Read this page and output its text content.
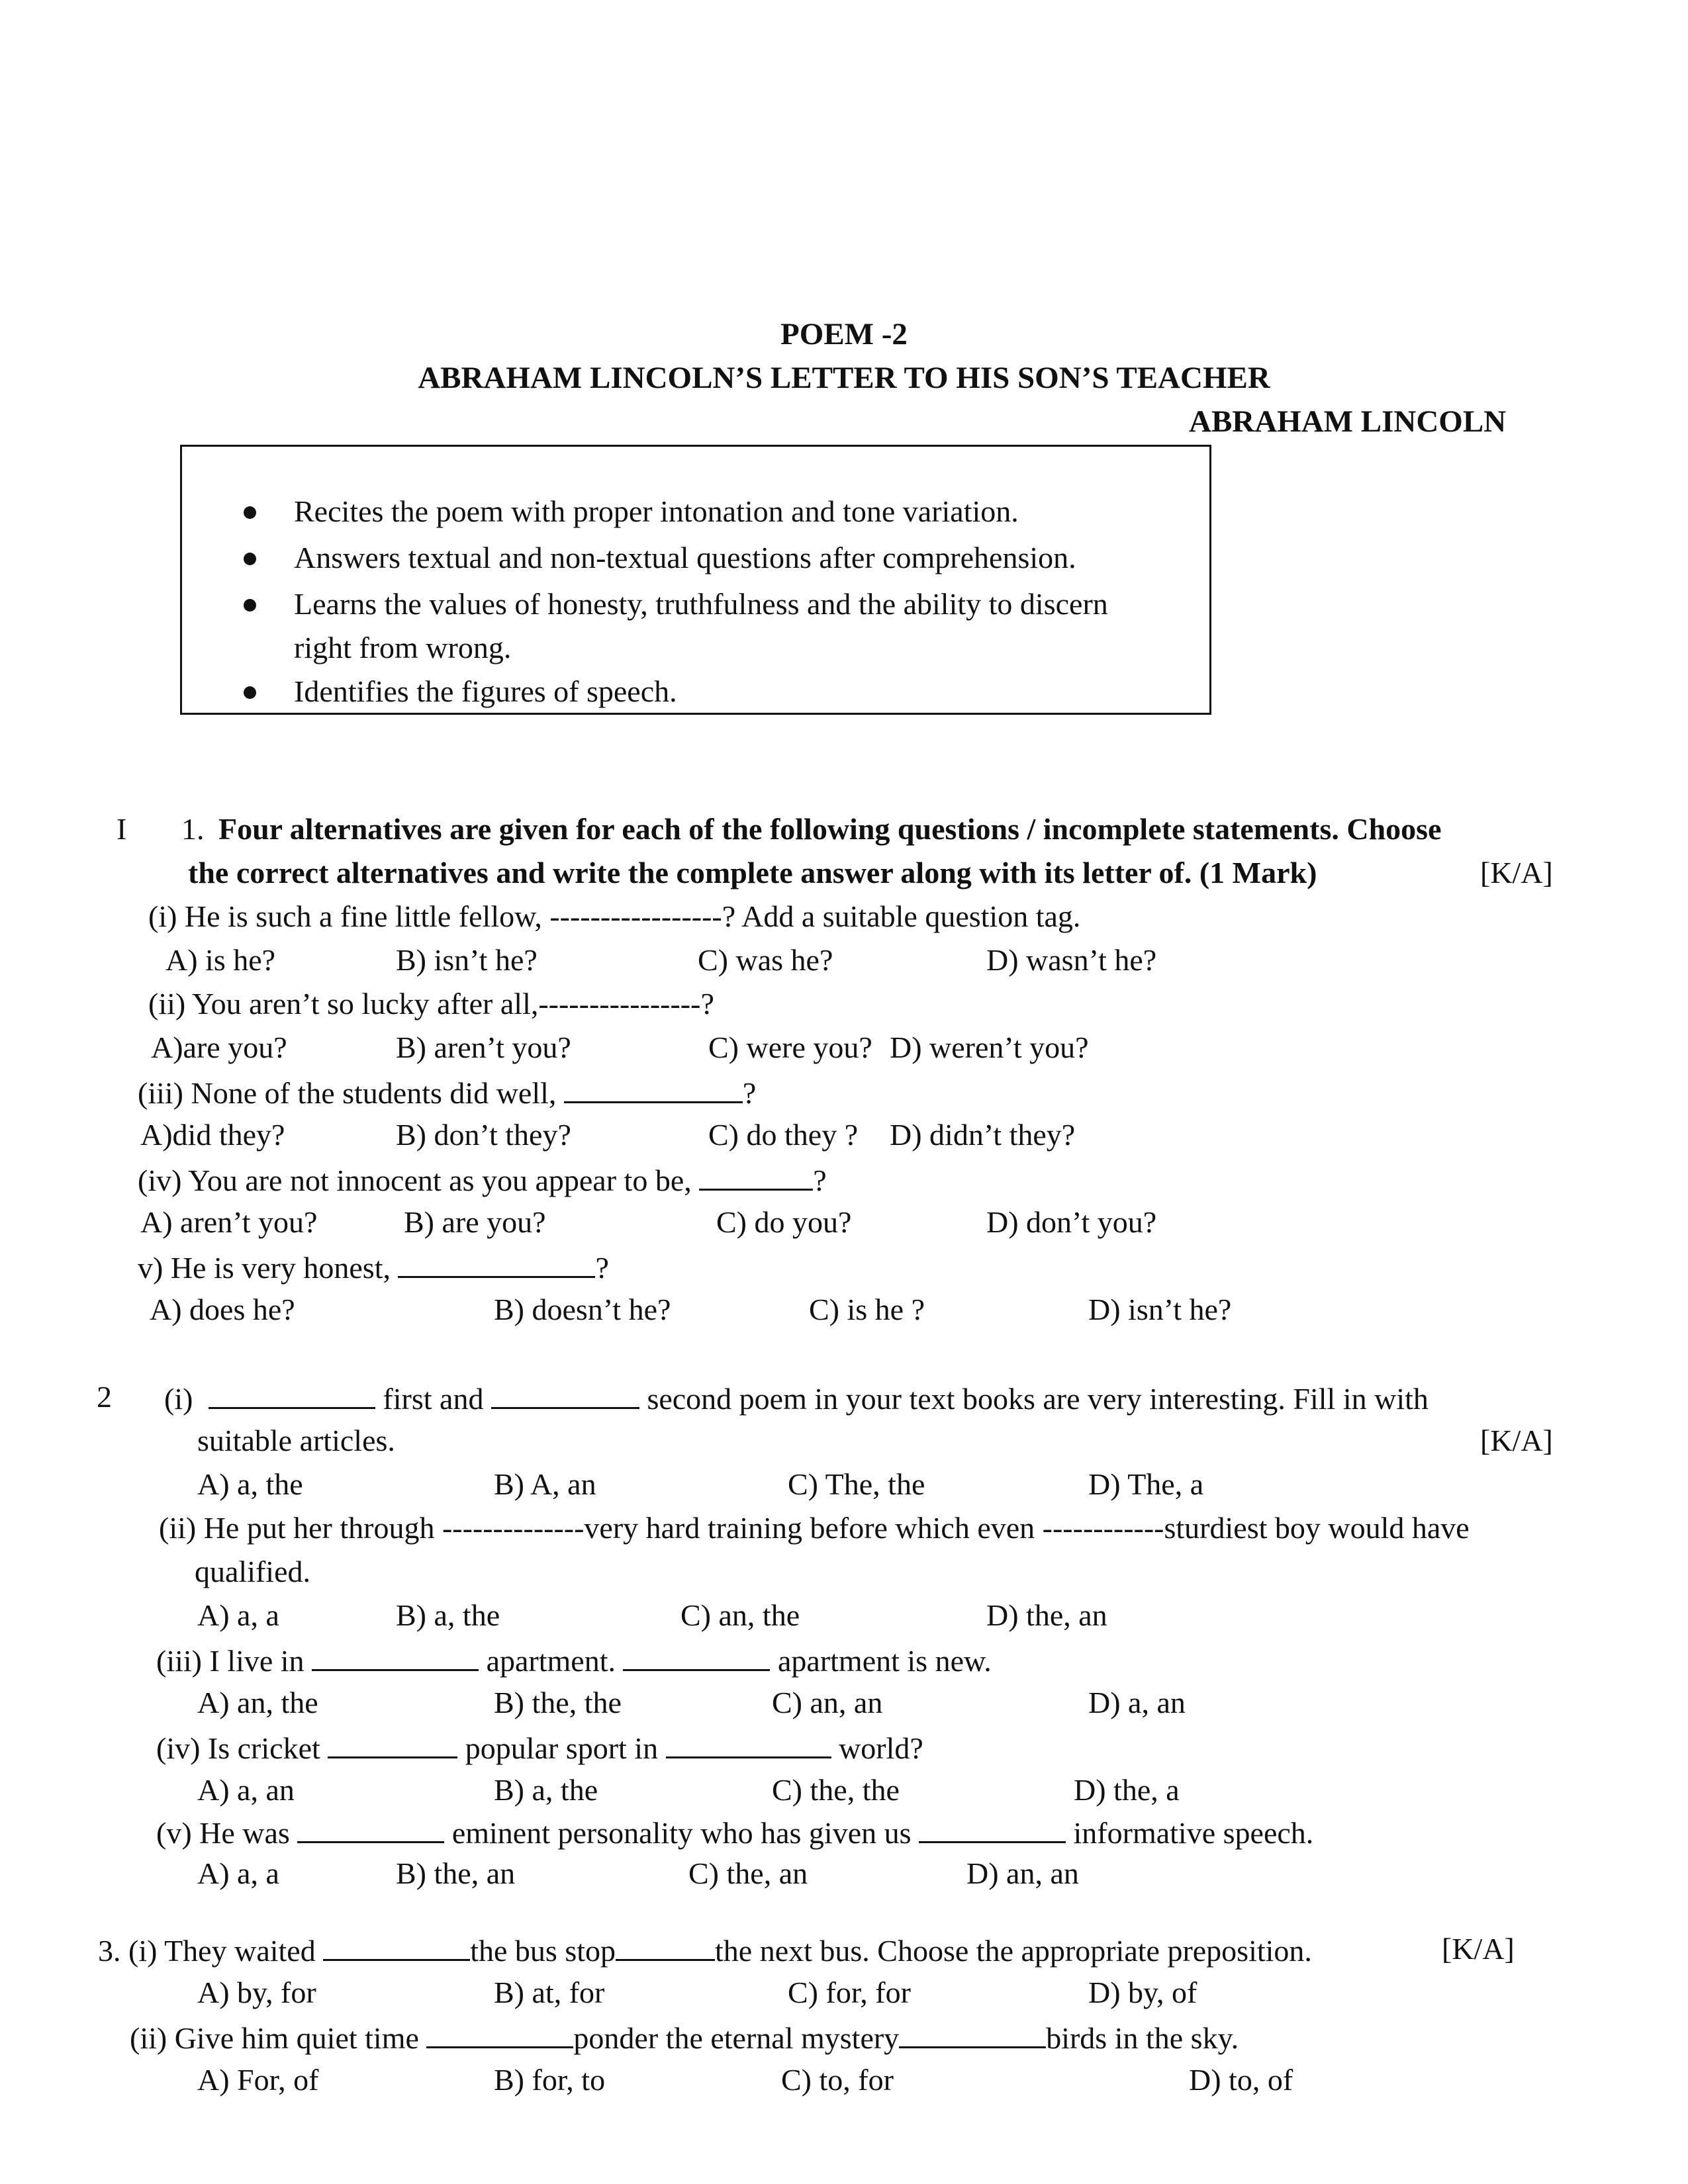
POEM -2
ABRAHAM LINCOLN’S LETTER TO HIS SON’S TEACHER
ABRAHAM LINCOLN
Recites the poem with proper intonation and tone variation.
Answers textual and non-textual questions after comprehension.
Learns the values of honesty, truthfulness and the ability to discern
right from wrong.
Identifies the figures of speech.
I 1. Four alternatives are given for each of the following questions / incomplete statements. Choose
the correct alternatives and write the complete answer along with its letter of. (1 Mark)	[K/A]
(i) He is such a fine little fellow, -----------------? Add a suitable question tag.
A) is he?	B) isn’t he?	C) was he?	D) wasn’t he?
(ii) You aren’t so lucky after all,----------------?
A)are you?	B) aren’t you?	C) were you? D) weren’t you?
(iii) None of the students did well,	?
A)did they?	B) don’t they?	C) do they ? D) didn’t they?
(iv) You are not innocent as you appear to be,	?
A) aren’t you?	B) are you?	C) do you?	D) don’t you?
v) He is very honest,	?
A) does he?	B) doesn’t he?	C) is he ?	D) isn’t he?
2 (i)	first and	second poem in your text books are very interesting. Fill in with
suitable articles.	[K/A]
A) a, the	B) A, an	C) The, the	D) The, a
(ii) He put her through --------------very hard training before which even ------------sturdiest boy would have
qualified.
A) a, a	B) a, the	C) an, the	D) the, an
(iii) I live in	apartment.	apartment is new.
A) an, the	B) the, the	C) an, an	D) a, an
(iv) Is cricket	popular sport in	world?
A) a, an	B) a, the	C) the, the	D) the, a
(v) He was	eminent personality who has given us	informative speech.
A) a, a	B) the, an	C) the, an	D) an, an
3. (i) They waited	the bus stop	the next bus. Choose the appropriate preposition.	[K/A]
A) by, for	B) at, for	C) for, for	D) by, of
(ii) Give him quiet time	ponder the eternal mystery	birds in the sky.
A) For, of	B) for, to	C) to, for	D) to, of
